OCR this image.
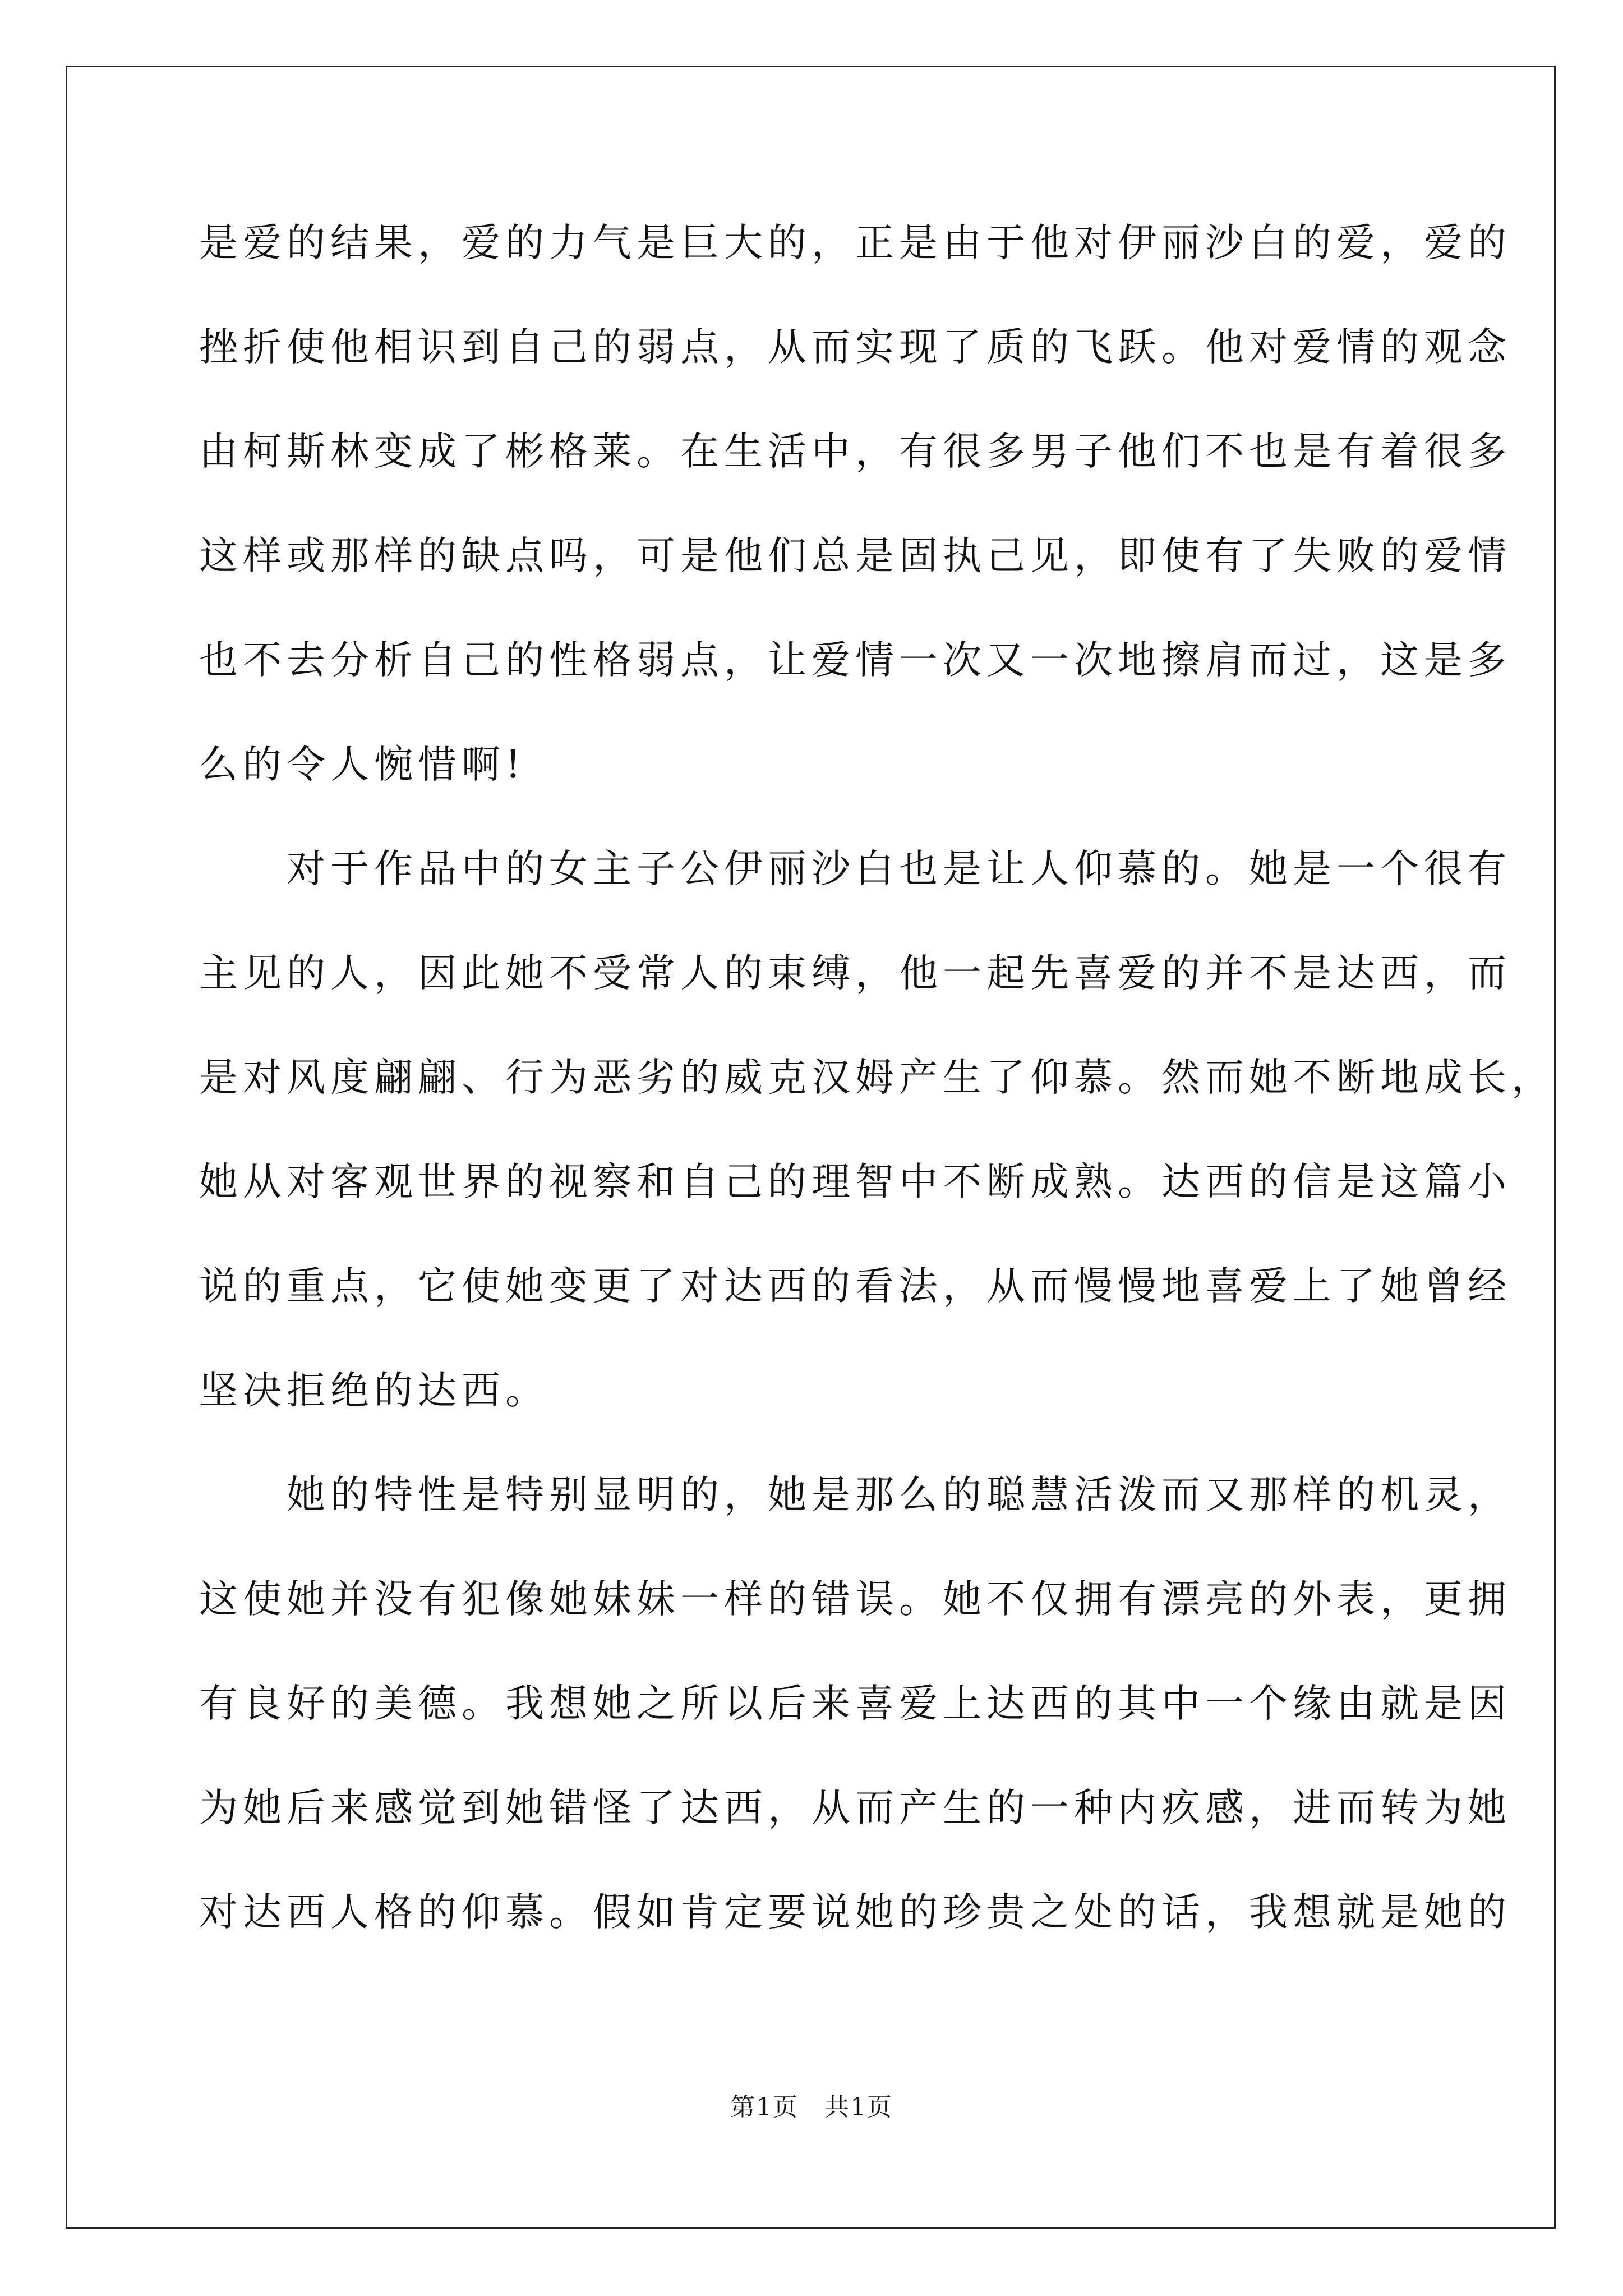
是爱的结果，爱的力气是巨大的，正是由于他对伊丽沙白的爱，爱的
挫折使他相识到自己的弱点，从而实现了质的飞跃。他对爱情的观念
由柯斯林变成了彬格莱。在生活中，有很多男子他们不也是有着很多
这样或那样的缺点吗，可是他们总是固执己见，即使有了失败的爱情
也不去分析自己的性格弱点，让爱情一次又一次地擦肩而过，这是多
么的令人惋惜啊!
　　对于作品中的女主子公伊丽沙白也是让人仰慕的。她是一个很有
主见的人，因此她不受常人的束缚，他一起先喜爱的并不是达西，而
是对风度翩翩、行为恶劣的威克汉姆产生了仰慕。然而她不断地成长，
她从对客观世界的视察和自己的理智中不断成熟。达西的信是这篇小
说的重点，它使她变更了对达西的看法，从而慢慢地喜爱上了她曾经
坚决拒绝的达西。
　　她的特性是特别显明的，她是那么的聪慧活泼而又那样的机灵，
这使她并没有犯像她妹妹一样的错误。她不仅拥有漂亮的外表，更拥
有良好的美德。我想她之所以后来喜爱上达西的其中一个缘由就是因
为她后来感觉到她错怪了达西，从而产生的一种内疚感，进而转为她
对达西人格的仰慕。假如肯定要说她的珍贵之处的话，我想就是她的
第1页　共1页
